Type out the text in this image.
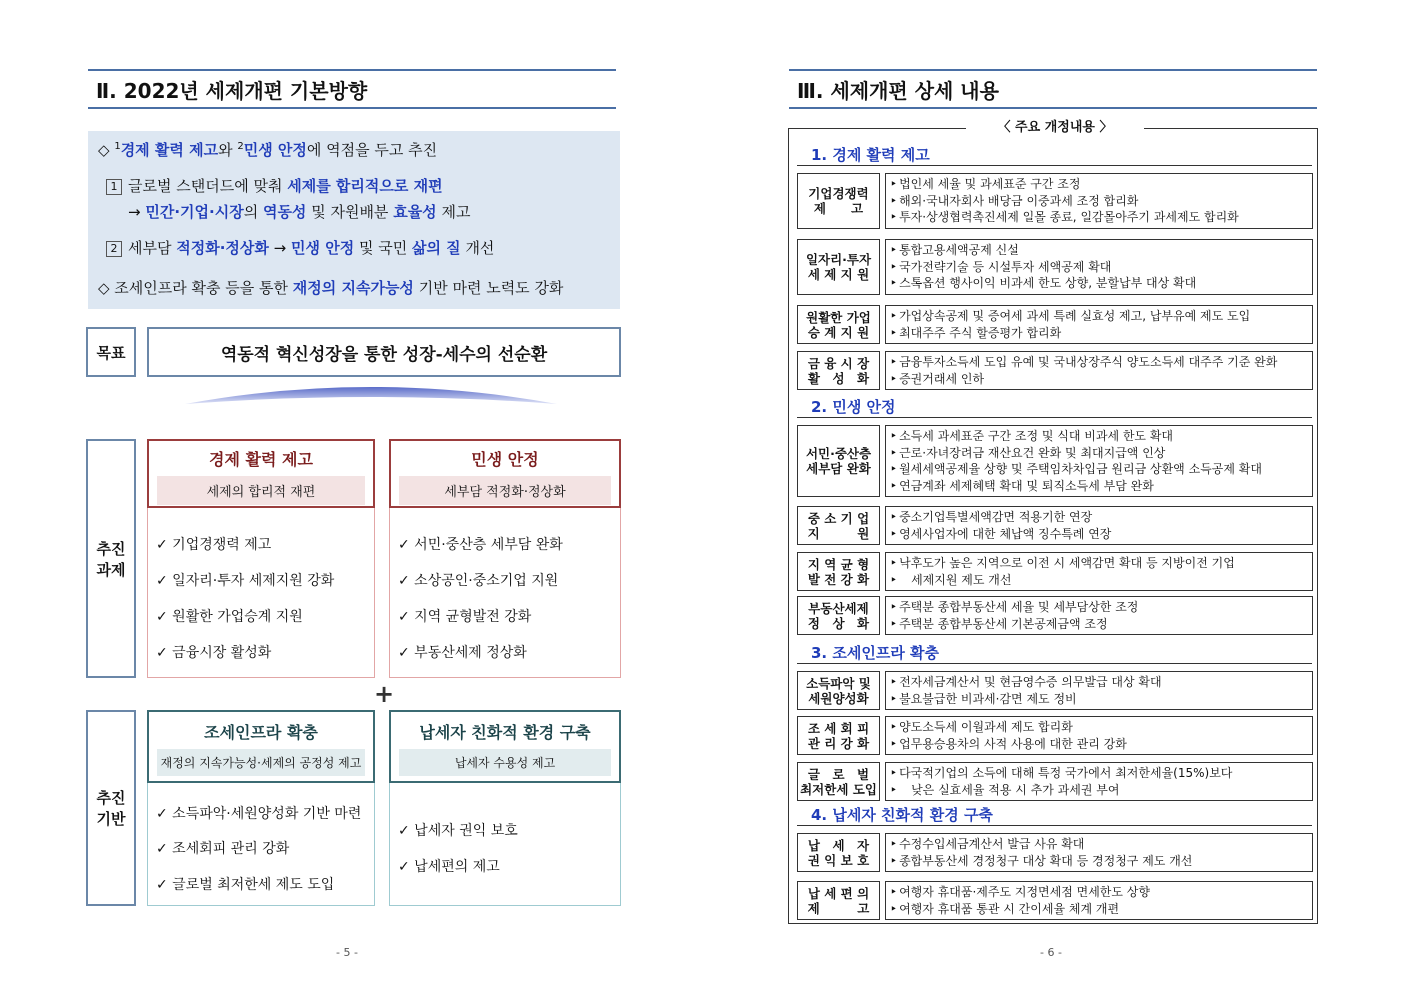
Ⅱ. 2022년 세제개편 기본방향
◇ $^1$경제 활력 제고와 $^2$민생 안정에 역점을 두고 추진
1 글로벌 스탠더드에 맞춰 세제를 합리적으로 재편
→ 민간·기업·시장의 역동성 및 자원배분 효율성 제고
2 세부담 적정화·정상화 → 민생 안정 및 국민 삶의 질 개선
◇ 조세인프라 확충 등을 통한 재정의 지속가능성 기반 마련 노력도 강화
목표	역동적 혁신성장을 통한 성장-세수의 선순환
추진
과제
경제 활력 제고
세제의 합리적 재편
✓ 기업경쟁력 제고
✓ 일자리·투자 세제지원 강화
✓ 원활한 가업승계 지원
✓ 금융시장 활성화
민생 안정
세부담 적정화·정상화
✓ 서민·중산층 세부담 완화
✓ 소상공인·중소기업 지원
✓ 지역 균형발전 강화
✓ 부동산세제 정상화
+
추진
기반
조세인프라 확충
재정의 지속가능성·세제의 공정성 제고
✓ 소득파악·세원양성화 기반 마련
✓ 조세회피 관리 강화
✓ 글로벌 최저한세 제도 도입
납세자 친화적 환경 구축
납세자 수용성 제고
✓ 납세자 권익 보호
✓ 납세편의 제고
- 5 -
Ⅲ. 세제개편 상세 내용
〈 주요 개정내용 〉
1. 경제 활력 제고
기업경쟁력
제　　고
‣ 법인세 세율 및 과세표준 구간 조정
‣ 해외·국내자회사 배당금 이중과세 조정 합리화
‣ 투자·상생협력촉진세제 일몰 종료, 일감몰아주기 과세제도 합리화
일자리·투자
세 제 지 원
‣ 통합고용세액공제 신설
‣ 국가전략기술 등 시설투자 세액공제 확대
‣ 스톡옵션 행사이익 비과세 한도 상향, 분할납부 대상 확대
원활한 가업
승 계 지 원
‣ 가업상속공제 및 증여세 과세 특례 실효성 제고, 납부유예 제도 도입
‣ 최대주주 주식 할증평가 합리화
금 융 시 장
활　성　화
‣ 금융투자소득세 도입 유예 및 국내상장주식 양도소득세 대주주 기준 완화
‣ 증권거래세 인하
2. 민생 안정
서민·중산층
세부담 완화
‣ 소득세 과세표준 구간 조정 및 식대 비과세 한도 확대
‣ 근로·자녀장려금 재산요건 완화 및 최대지급액 인상
‣ 월세세액공제율 상향 및 주택임차차입금 원리금 상환액 소득공제 확대
‣ 연금계좌 세제혜택 확대 및 퇴직소득세 부담 완화
중 소 기 업
지　　　원
‣ 중소기업특별세액감면 적용기한 연장
‣ 영세사업자에 대한 체납액 징수특례 연장
지 역 균 형
발 전 강 화
‣ 낙후도가 높은 지역으로 이전 시 세액감면 확대 등 지방이전 기업
‣ 　세제지원 제도 개선
부동산세제
정　상　화
‣ 주택분 종합부동산세 세율 및 세부담상한 조정
‣ 주택분 종합부동산세 기본공제금액 조정
3. 조세인프라 확충
소득파악 및
세원양성화
‣ 전자세금계산서 및 현금영수증 의무발급 대상 확대
‣ 불요불급한 비과세·감면 제도 정비
조 세 회 피
관 리 강 화
‣ 양도소득세 이월과세 제도 합리화
‣ 업무용승용차의 사적 사용에 대한 관리 강화
글　로　벌
최저한세 도입
‣ 다국적기업의 소득에 대해 특정 국가에서 최저한세율(15%)보다
‣ 　낮은 실효세율 적용 시 추가 과세권 부여
4. 납세자 친화적 환경 구축
납　세　자
권 익 보 호
‣ 수정수입세금계산서 발급 사유 확대
‣ 종합부동산세 경정청구 대상 확대 등 경정청구 제도 개선
납 세 편 의
제　　　고
‣ 여행자 휴대품·제주도 지정면세점 면세한도 상향
‣ 여행자 휴대품 통관 시 간이세율 체계 개편
- 6 -
